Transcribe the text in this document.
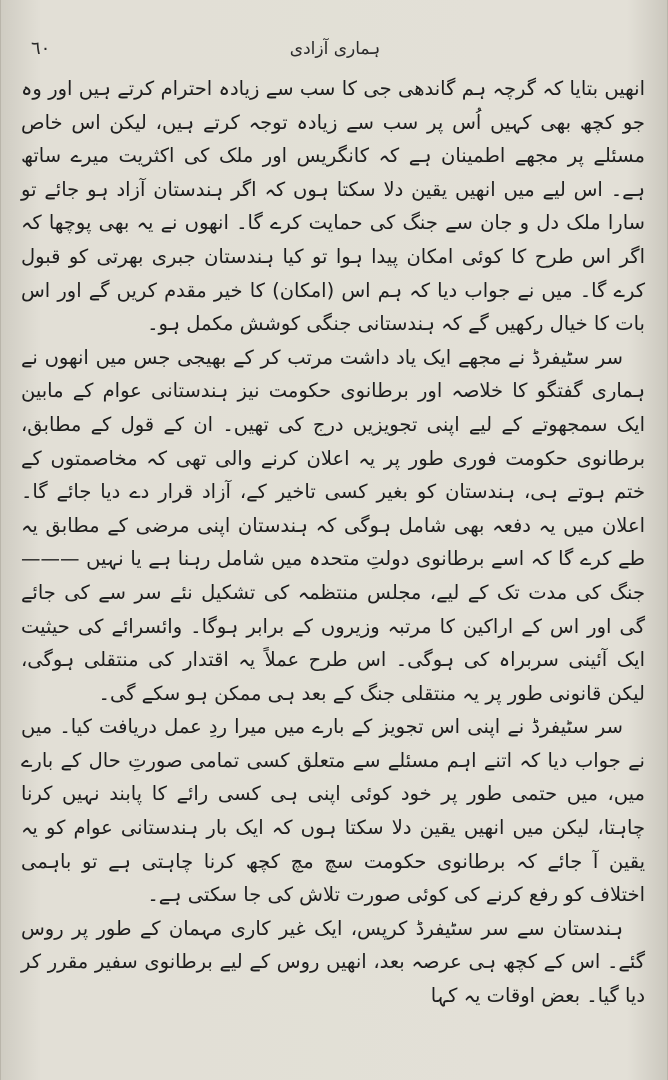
٦٠	ہماری آزادی

انھیں بتایا کہ گرچہ ہم گاندھی جی کا سب سے زیادہ احترام کرتے ہیں اور وہ جو کچھ بھی کہیں اُس پر سب سے زیادہ توجہ کرتے ہیں، لیکن اس خاص مسئلے پر مجھے اطمینان ہے کہ کانگریس اور ملک کی اکثریت میرے ساتھ ہے۔ اس لیے میں انھیں یقین دلا سکتا ہوں کہ اگر ہندستان آزاد ہو جائے تو سارا ملک دل و جان سے جنگ کی حمایت کرے گا۔ انھوں نے یہ بھی پوچھا کہ اگر اس طرح کا کوئی امکان پیدا ہوا تو کیا ہندستان جبری بھرتی کو قبول کرے گا۔ میں نے جواب دیا کہ ہم اس (امکان) کا خیر مقدم کریں گے اور اس بات کا خیال رکھیں گے کہ ہندستانی جنگی کوشش مکمل ہو۔

سر سٹیفرڈ نے مجھے ایک یاد داشت مرتب کر کے بھیجی جس میں انھوں نے ہماری گفتگو کا خلاصہ اور برطانوی حکومت نیز ہندستانی عوام کے مابین ایک سمجھوتے کے لیے اپنی تجویزیں درج کی تھیں۔ ان کے قول کے مطابق، برطانوی حکومت فوری طور پر یہ اعلان کرنے والی تھی کہ مخاصمتوں کے ختم ہوتے ہی، ہندستان کو بغیر کسی تاخیر کے، آزاد قرار دے دیا جائے گا۔ اعلان میں یہ دفعہ بھی شامل ہوگی کہ ہندستان اپنی مرضی کے مطابق یہ طے کرے گا کہ اسے برطانوی دولتِ متحدہ میں شامل رہنا ہے یا نہیں ——— جنگ کی مدت تک کے لیے، مجلس منتظمہ کی تشکیل نئے سر سے کی جائے گی اور اس کے اراکین کا مرتبہ وزیروں کے برابر ہوگا۔ وائسرائے کی حیثیت ایک آئینی سربراہ کی ہوگی۔ اس طرح عملاً یہ اقتدار کی منتقلی ہوگی، لیکن قانونی طور پر یہ منتقلی جنگ کے بعد ہی ممکن ہو سکے گی۔

سر سٹیفرڈ نے اپنی اس تجویز کے بارے میں میرا ردِ عمل دریافت کیا۔ میں نے جواب دیا کہ اتنے اہم مسئلے سے متعلق کسی تمامی صورتِ حال کے بارے میں، میں حتمی طور پر خود کوئی اپنی ہی کسی رائے کا پابند نہیں کرنا چاہتا، لیکن میں انھیں یقین دلا سکتا ہوں کہ ایک بار ہندستانی عوام کو یہ یقین آ جائے کہ برطانوی حکومت سچ مچ کچھ کرنا چاہتی ہے تو باہمی اختلاف کو رفع کرنے کی کوئی صورت تلاش کی جا سکتی ہے۔

ہندستان سے سر سٹیفرڈ کرپس، ایک غیر کاری مہمان کے طور پر روس گئے۔ اس کے کچھ ہی عرصہ بعد، انھیں روس کے لیے برطانوی سفیر مقرر کر دیا گیا۔ بعض اوقات یہ کہا
